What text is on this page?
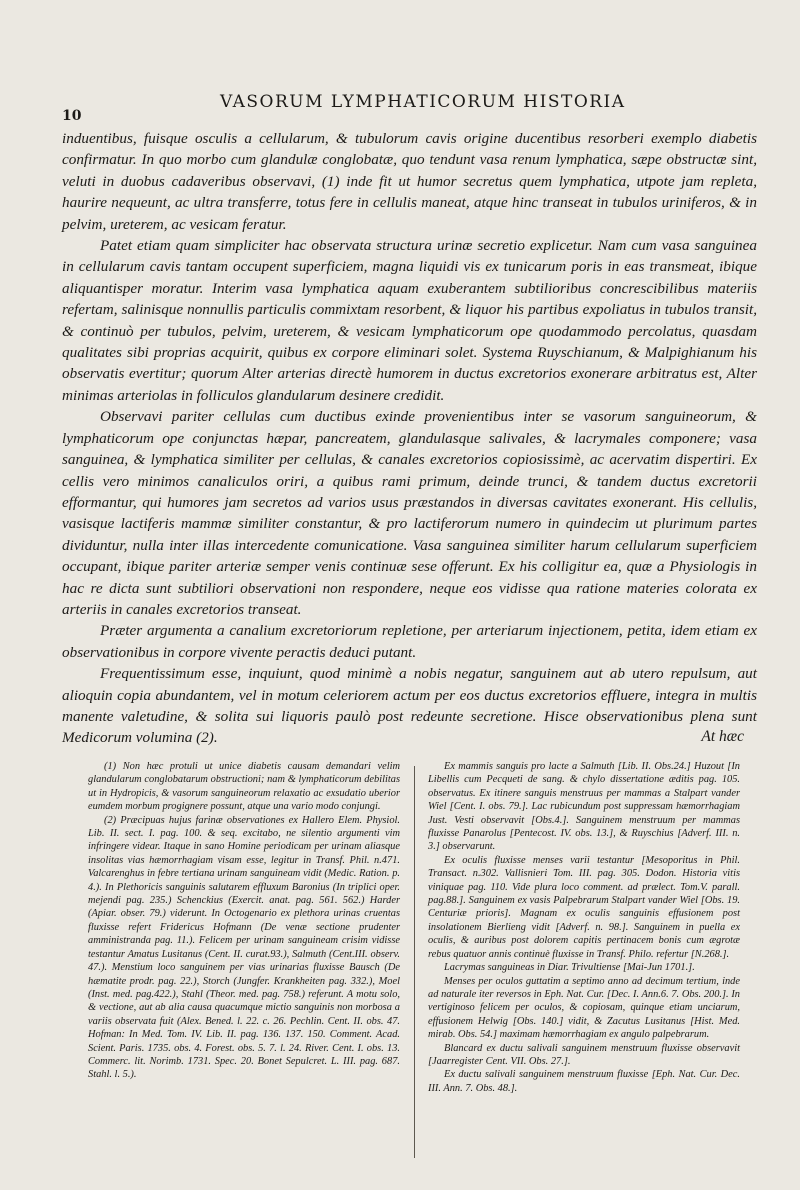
10
VASORUM LYMPHATICORUM HISTORIA

induentibus, fuisque osculis a cellularum, & tubulorum cavis origine ducentibus resorberi exemplo diabetis confirmatur. In quo morbo cum glandulæ conglobatæ, quo tendunt vasa renum lymphatica, sæpe obstructæ sint, veluti in duobus cadaveribus observavi, (1) inde fit ut humor secretus quem lymphatica, utpote jam repleta, haurire nequeunt, ac ultra transferre, totus fere in cellulis maneat, atque hinc transeat in tubulos uriniferos, & in pelvim, ureterem, ac vesicam feratur.

Patet etiam quam simpliciter hac observata structura urinæ secretio explicetur. Nam cum vasa sanguinea in cellularum cavis tantam occupent superficiem, magna liquidi vis ex tunicarum poris in eas transmeat, ibique aliquantisper moratur. Interim vasa lymphatica aquam exuberantem subtilioribus concrescibilibus materiis refertam, salinisque nonnullis particulis commixtam resorbent, & liquor his partibus expoliatus in tubulos transit, & continuò per tubulos, pelvim, ureterem, & vesicam lymphaticorum ope quodammodo percolatus, quasdam qualitates sibi proprias acquirit, quibus ex corpore eliminari solet. Systema Ruyschianum, & Malpighianum his observatis evertitur; quorum Alter arterias directè humorem in ductus excretorios exonerare arbitratus est, Alter minimas arteriolas in folliculos glandularum desinere credidit.

Observavi pariter cellulas cum ductibus exinde provenientibus inter se vasorum sanguineorum, & lymphaticorum ope conjunctas hæpar, pancreatem, glandulasque salivales, & lacrymales componere; vasa sanguinea, & lymphatica similiter per cellulas, & canales excretorios copiosissimè, ac acervatim dispertiri. Ex cellis vero minimos canaliculos oriri, a quibus rami primum, deinde trunci, & tandem ductus excretorii efformantur, qui humores jam secretos ad varios usus præstandos in diversas cavitates exonerant. His cellulis, vasisque lactiferis mammæ similiter constantur, & pro lactiferorum numero in quindecim ut plurimum partes dividuntur, nulla inter illas intercedente comunicatione. Vasa sanguinea similiter harum cellularum superficiem occupant, ibique pariter arteriæ semper venis continuæ sese offerunt. Ex his colligitur ea, quæ a Physiologis in hac re dicta sunt subtiliori observationi non respondere, neque eos vidisse qua ratione materies colorata ex arteriis in canales excretorios transeat.

Præter argumenta a canalium excretoriorum repletione, per arteriarum injectionem, petita, idem etiam ex observationibus in corpore vivente peractis deduci putant.

Frequentissimum esse, inquiunt, quod minimè a nobis negatur, sanguinem aut ab utero repulsum, aut alioquin copia abundantem, vel in motum celeriorem actum per eos ductus excretorios effluere, integra in multis manente valetudine, & solita sui liquoris paulò post redeunte secretione. Hisce observationibus plena sunt Medicorum volumina (2).	At hæc

(1) Non hæc protuli ut unice diabetis causam demandari velim glandularum conglobatarum obstructioni; nam & lymphaticorum debilitas ut in Hydropicis, & vasorum sanguineorum relaxatio ac exsudatio uberior eumdem morbum progignere possunt, atque una vario modo conjungi.

(2) Præcipuas hujus farinæ observationes ex Hallero Elem. Physiol. Lib. II. sect. I. pag. 100. & seq. excitabo, ne silentio argumenti vim infringere videar. Itaque in sano Homine periodicam per urinam aliasque insolitas vias hæmorrhagiam visam esse, legitur in Transf. Phil. n.471. Valcarenghus in febre tertiana urinam sanguineam vidit (Medic. Ration. p. 4.). In Plethoricis sanguinis salutarem effluxum Baronius (In triplici oper. mejendi pag. 235.) Schenckius (Exercit. anat. pag. 561. 562.) Harder (Apiar. obser. 79.) viderunt. In Octogenario ex plethora urinas cruentas fluxisse refert Fridericus Hofmann (De venæ sectione prudenter amministranda pag. 11.). Felicem per urinam sanguineam crisim vidisse testantur Amatus Lusitanus (Cent. II. curat.93.), Salmuth (Cent.III. observ. 47.). Menstium loco sanguinem per vias urinarias fluxisse Bausch (De hæmatite prodr. pag. 22.), Storch (Jungfer. Krankheiten pag. 332.), Moel (Inst. med. pag.422.), Stahl (Theor. med. pag. 758.) referunt. A motu solo, & vectione, aut ab alia causa quacumque mictio sanguinis non morbosa a variis observata fuit (Alex. Bened. l. 22. c. 26. Pechlin. Cent. II. obs. 47. Hofman: In Med. Tom. IV. Lib. II. pag. 136. 137. 150. Comment. Acad. Scient. Paris. 1735. obs. 4. Forest. obs. 5. 7. l. 24. River. Cent. I. obs. 13. Commerc. lit. Norimb. 1731. Spec. 20. Bonet Sepulcret. L. III. pag. 687. Stahl. l. 5.).

Ex mammis sanguis pro lacte a Salmuth [Lib. II. Obs.24.] Huzout [In Libellis cum Pecqueti de sang. & chylo dissertatione æditis pag. 105. observatus. Ex itinere sanguis menstruus per mammas a Stalpart vander Wiel [Cent. I. obs. 79.]. Lac rubicundum post suppressam hæmorrhagiam Just. Vesti observavit [Obs.4.]. Sanguinem menstruum per mammas fluxisse Panarolus [Pentecost. IV. obs. 13.], & Ruyschius [Adverf. III. n. 3.] observarunt.

Ex oculis fluxisse menses varii testantur [Mesoporitus in Phil. Transact. n.302. Vallisnieri Tom. III. pag. 305. Dodon. Historia vitis viniquae pag. 110. Vide plura loco comment. ad prælect. Tom.V. parall. pag.88.]. Sanguinem ex vasis Palpebrarum Stalpart vander Wiel [Obs. 19. Centuriæ prioris]. Magnam ex oculis sanguinis effusionem post insolationem Bierlieng vidit [Adverf. n. 98.]. Sanguinem in puella ex oculis, & auribus post dolorem capitis pertinacem bonis cum ægrotæ rebus quatuor annis continuè fluxisse in Transf. Philo. refertur [N.268.].

Lacrymas sanguineas in Diar. Trivultiense [Mai-Jun 1701.].

Menses per oculos guttatim a septimo anno ad decimum tertium, inde ad naturale iter reversos in Eph. Nat. Cur. [Dec. I. Ann.6. 7. Obs. 200.]. In vertiginoso felicem per oculos, & copiosam, quinque etiam unciarum, effusionem Helwig [Obs. 140.] vidit, & Zacutus Lusitanus [Hist. Med. mirab. Obs. 54.] maximam hæmorrhagiam ex angulo palpebrarum.

Blancard ex ductu salivali sanguinem menstruum fluxisse observavit [Jaarregister Cent. VII. Obs. 27.].

Ex ductu salivali sanguinem menstruum fluxisse [Eph. Nat. Cur. Dec. III. Ann. 7. Obs. 48.].
